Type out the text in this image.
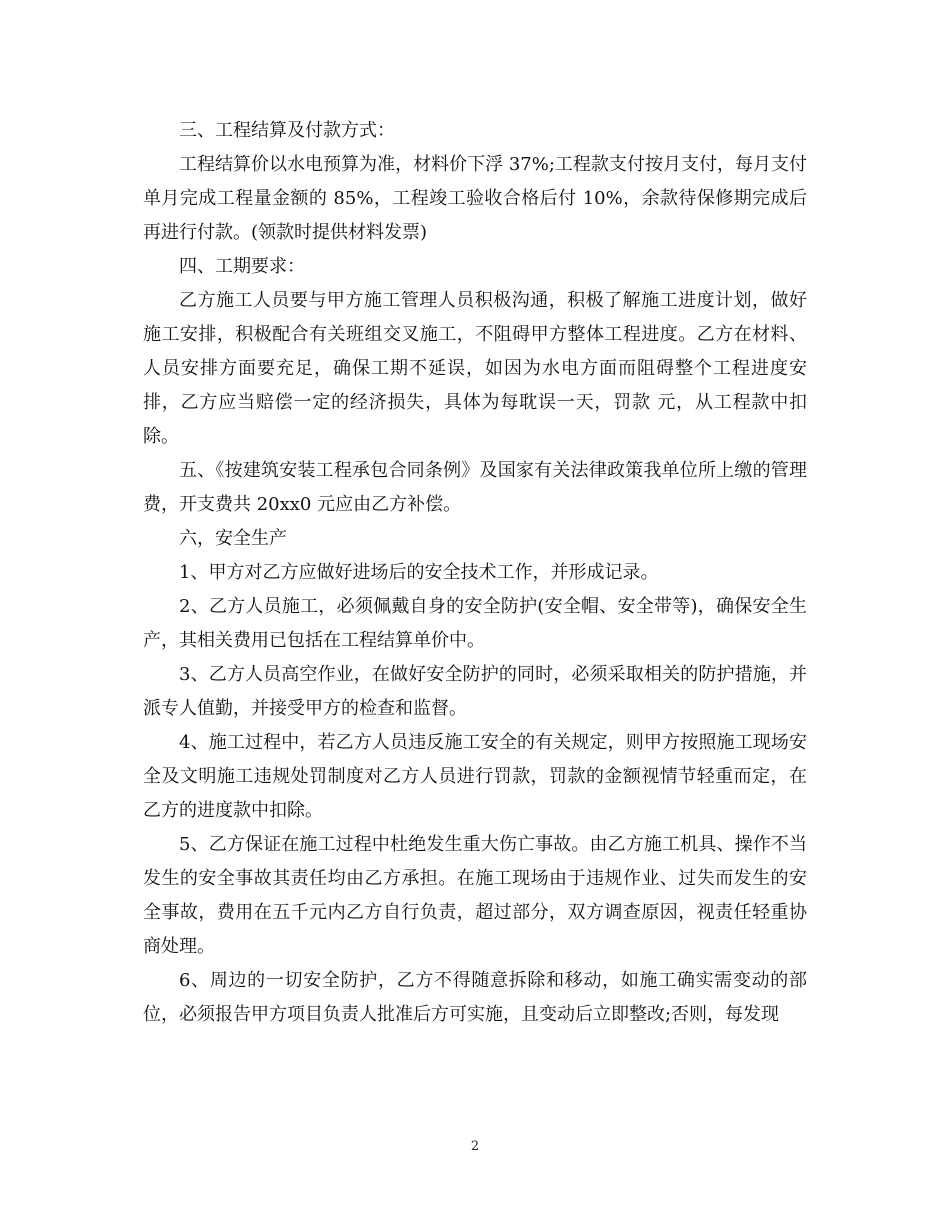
三、工程结算及付款方式：

工程结算价以水电预算为准，材料价下浮 37%;工程款支付按月支付，每月支付单月完成工程量金额的 85%，工程竣工验收合格后付 10%，余款待保修期完成后再进行付款。(领款时提供材料发票)

四、工期要求：

乙方施工人员要与甲方施工管理人员积极沟通，积极了解施工进度计划，做好施工安排，积极配合有关班组交叉施工，不阻碍甲方整体工程进度。乙方在材料、人员安排方面要充足，确保工期不延误，如因为水电方面而阻碍整个工程进度安排，乙方应当赔偿一定的经济损失，具体为每耽误一天，罚款 元，从工程款中扣除。

五、《按建筑安装工程承包合同条例》及国家有关法律政策我单位所上缴的管理费，开支费共 20xx0 元应由乙方补偿。

六，安全生产

1、甲方对乙方应做好进场后的安全技术工作，并形成记录。

2、乙方人员施工，必须佩戴自身的安全防护(安全帽、安全带等)，确保安全生产，其相关费用已包括在工程结算单价中。

3、乙方人员高空作业，在做好安全防护的同时，必须采取相关的防护措施，并派专人值勤，并接受甲方的检查和监督。

4、施工过程中，若乙方人员违反施工安全的有关规定，则甲方按照施工现场安全及文明施工违规处罚制度对乙方人员进行罚款，罚款的金额视情节轻重而定，在乙方的进度款中扣除。

5、乙方保证在施工过程中杜绝发生重大伤亡事故。由乙方施工机具、操作不当发生的安全事故其责任均由乙方承担。在施工现场由于违规作业、过失而发生的安全事故，费用在五千元内乙方自行负责，超过部分，双方调查原因，视责任轻重协商处理。

6、周边的一切安全防护，乙方不得随意拆除和移动，如施工确实需变动的部位，必须报告甲方项目负责人批准后方可实施，且变动后立即整改;否则，每发现

2
